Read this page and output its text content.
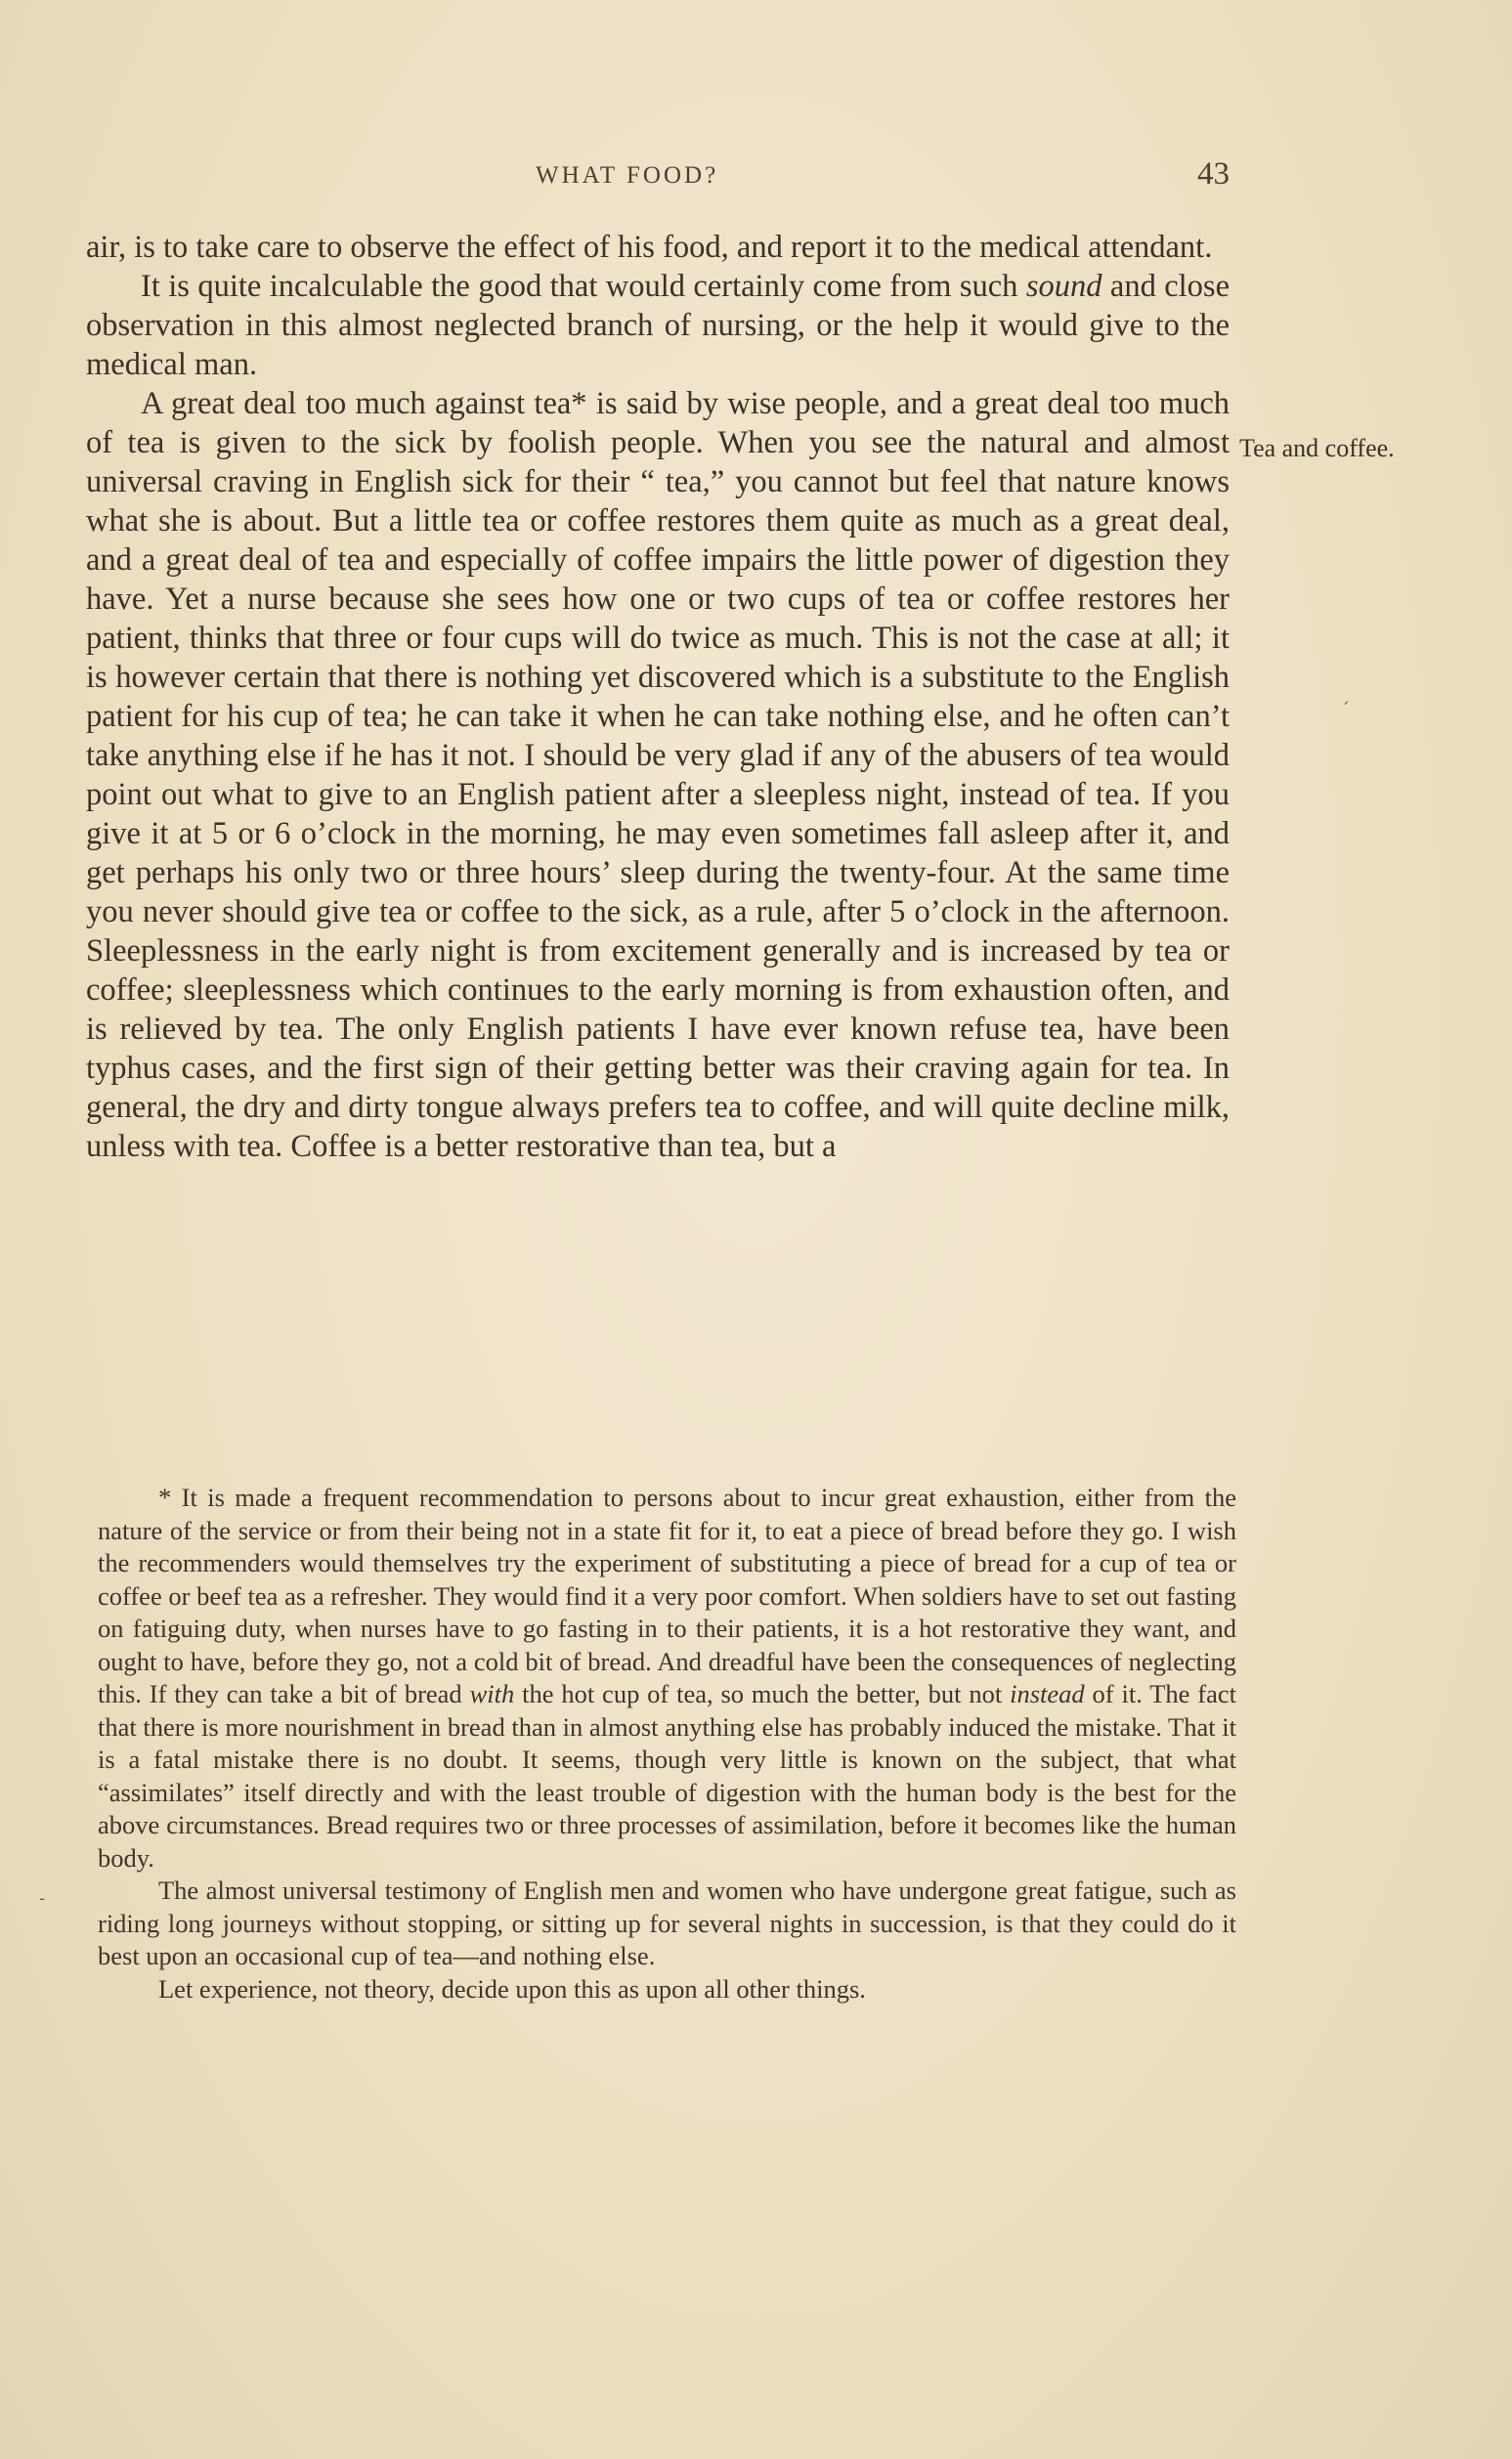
WHAT FOOD?	43

air, is to take care to observe the effect of his food, and report it to the medical attendant.

It is quite incalculable the good that would certainly come from such sound and close observation in this almost neglected branch of nursing, or the help it would give to the medical man.

A great deal too much against tea* is said by wise people, and a great deal too much of tea is given to the sick by foolish people. When you see the natural and almost universal craving in English sick for their “ tea,” you cannot but feel that nature knows what she is about. But a little tea or coffee restores them quite as much as a great deal, and a great deal of tea and especially of coffee impairs the little power of digestion they have. Yet a nurse because she sees how one or two cups of tea or coffee restores her patient, thinks that three or four cups will do twice as much. This is not the case at all; it is however certain that there is nothing yet discovered which is a substitute to the English patient for his cup of tea; he can take it when he can take nothing else, and he often can’t take anything else if he has it not. I should be very glad if any of the abusers of tea would point out what to give to an English patient after a sleepless night, instead of tea. If you give it at 5 or 6 o’clock in the morning, he may even sometimes fall asleep after it, and get perhaps his only two or three hours’ sleep during the twenty-four. At the same time you never should give tea or coffee to the sick, as a rule, after 5 o’clock in the afternoon. Sleeplessness in the early night is from excitement generally and is increased by tea or coffee; sleeplessness which continues to the early morning is from exhaustion often, and is relieved by tea. The only English patients I have ever known refuse tea, have been typhus cases, and the first sign of their getting better was their craving again for tea. In general, the dry and dirty tongue always prefers tea to coffee, and will quite decline milk, unless with tea. Coffee is a better restorative than tea, but a

Tea and coffee.

* It is made a frequent recommendation to persons about to incur great exhaustion, either from the nature of the service or from their being not in a state fit for it, to eat a piece of bread before they go. I wish the recommenders would themselves try the experiment of substituting a piece of bread for a cup of tea or coffee or beef tea as a refresher. They would find it a very poor comfort. When soldiers have to set out fasting on fatiguing duty, when nurses have to go fasting in to their patients, it is a hot restorative they want, and ought to have, before they go, not a cold bit of bread. And dreadful have been the consequences of neglecting this. If they can take a bit of bread with the hot cup of tea, so much the better, but not instead of it. The fact that there is more nourishment in bread than in almost anything else has probably induced the mistake. That it is a fatal mistake there is no doubt. It seems, though very little is known on the subject, that what “assimilates” itself directly and with the least trouble of digestion with the human body is the best for the above circumstances. Bread requires two or three processes of assimilation, before it becomes like the human body.

The almost universal testimony of English men and women who have undergone great fatigue, such as riding long journeys without stopping, or sitting up for several nights in succession, is that they could do it best upon an occasional cup of tea—and nothing else.

Let experience, not theory, decide upon this as upon all other things.

ˊ
-
